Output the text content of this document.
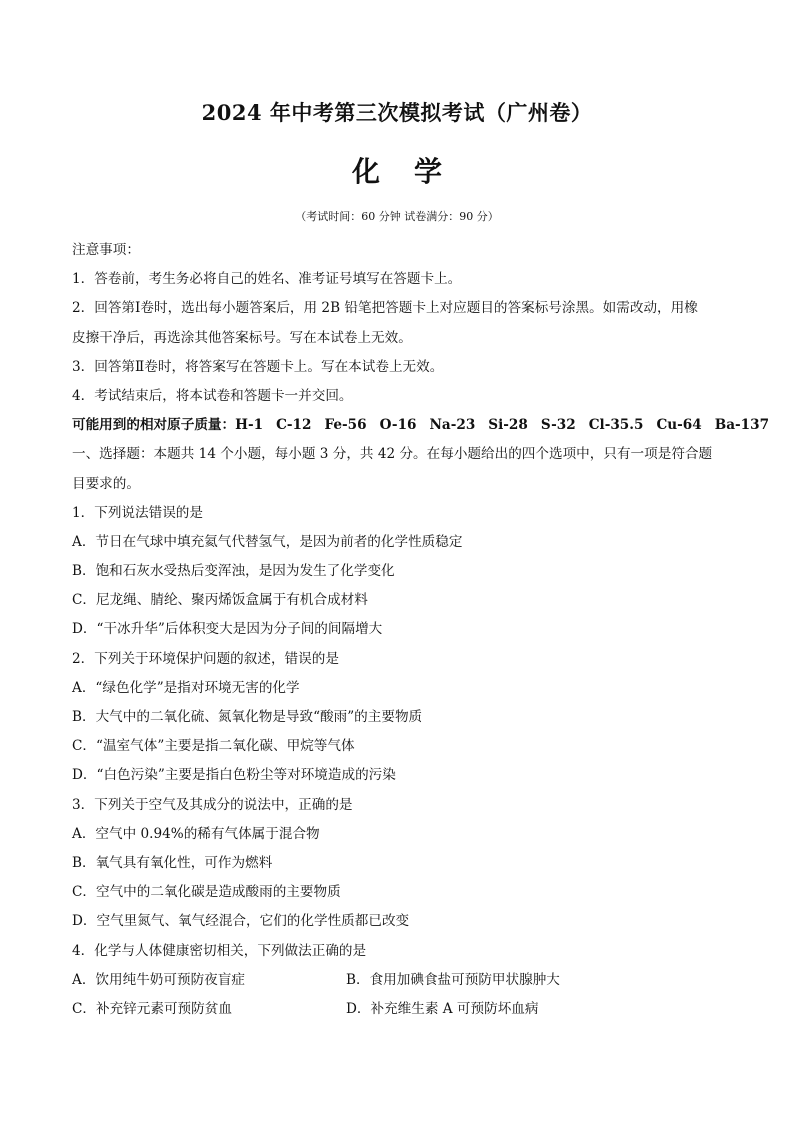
2024 年中考第三次模拟考试（广州卷）
化 学
（考试时间：60 分钟 试卷满分：90 分）
注意事项：
1．答卷前，考生务必将自己的姓名、准考证号填写在答题卡上。
2．回答第Ⅰ卷时，选出每小题答案后，用 2B 铅笔把答题卡上对应题目的答案标号涂黑。如需改动，用橡
皮擦干净后，再选涂其他答案标号。写在本试卷上无效。
3．回答第Ⅱ卷时，将答案写在答题卡上。写在本试卷上无效。
4．考试结束后，将本试卷和答题卡一并交回。
可能用到的相对原子质量：H-1 C-12 Fe-56 O-16 Na-23 Si-28 S-32 Cl-35.5 Cu-64 Ba-137
一、选择题：本题共 14 个小题，每小题 3 分，共 42 分。在每小题给出的四个选项中，只有一项是符合题
目要求的。
1．下列说法错误的是
A．节日在气球中填充氦气代替氢气，是因为前者的化学性质稳定
B．饱和石灰水受热后变浑浊，是因为发生了化学变化
C．尼龙绳、腈纶、聚丙烯饭盒属于有机合成材料
D．“干冰升华”后体积变大是因为分子间的间隔增大
2．下列关于环境保护问题的叙述，错误的是
A．“绿色化学”是指对环境无害的化学
B．大气中的二氧化硫、氮氧化物是导致“酸雨”的主要物质
C．“温室气体”主要是指二氧化碳、甲烷等气体
D．“白色污染”主要是指白色粉尘等对环境造成的污染
3．下列关于空气及其成分的说法中，正确的是
A．空气中 0.94%的稀有气体属于混合物
B．氧气具有氧化性，可作为燃料
C．空气中的二氧化碳是造成酸雨的主要物质
D．空气里氮气、氧气经混合，它们的化学性质都已改变
4．化学与人体健康密切相关，下列做法正确的是
A．饮用纯牛奶可预防夜盲症	B．食用加碘食盐可预防甲状腺肿大
C．补充锌元素可预防贫血	D．补充维生素 A 可预防坏血病
